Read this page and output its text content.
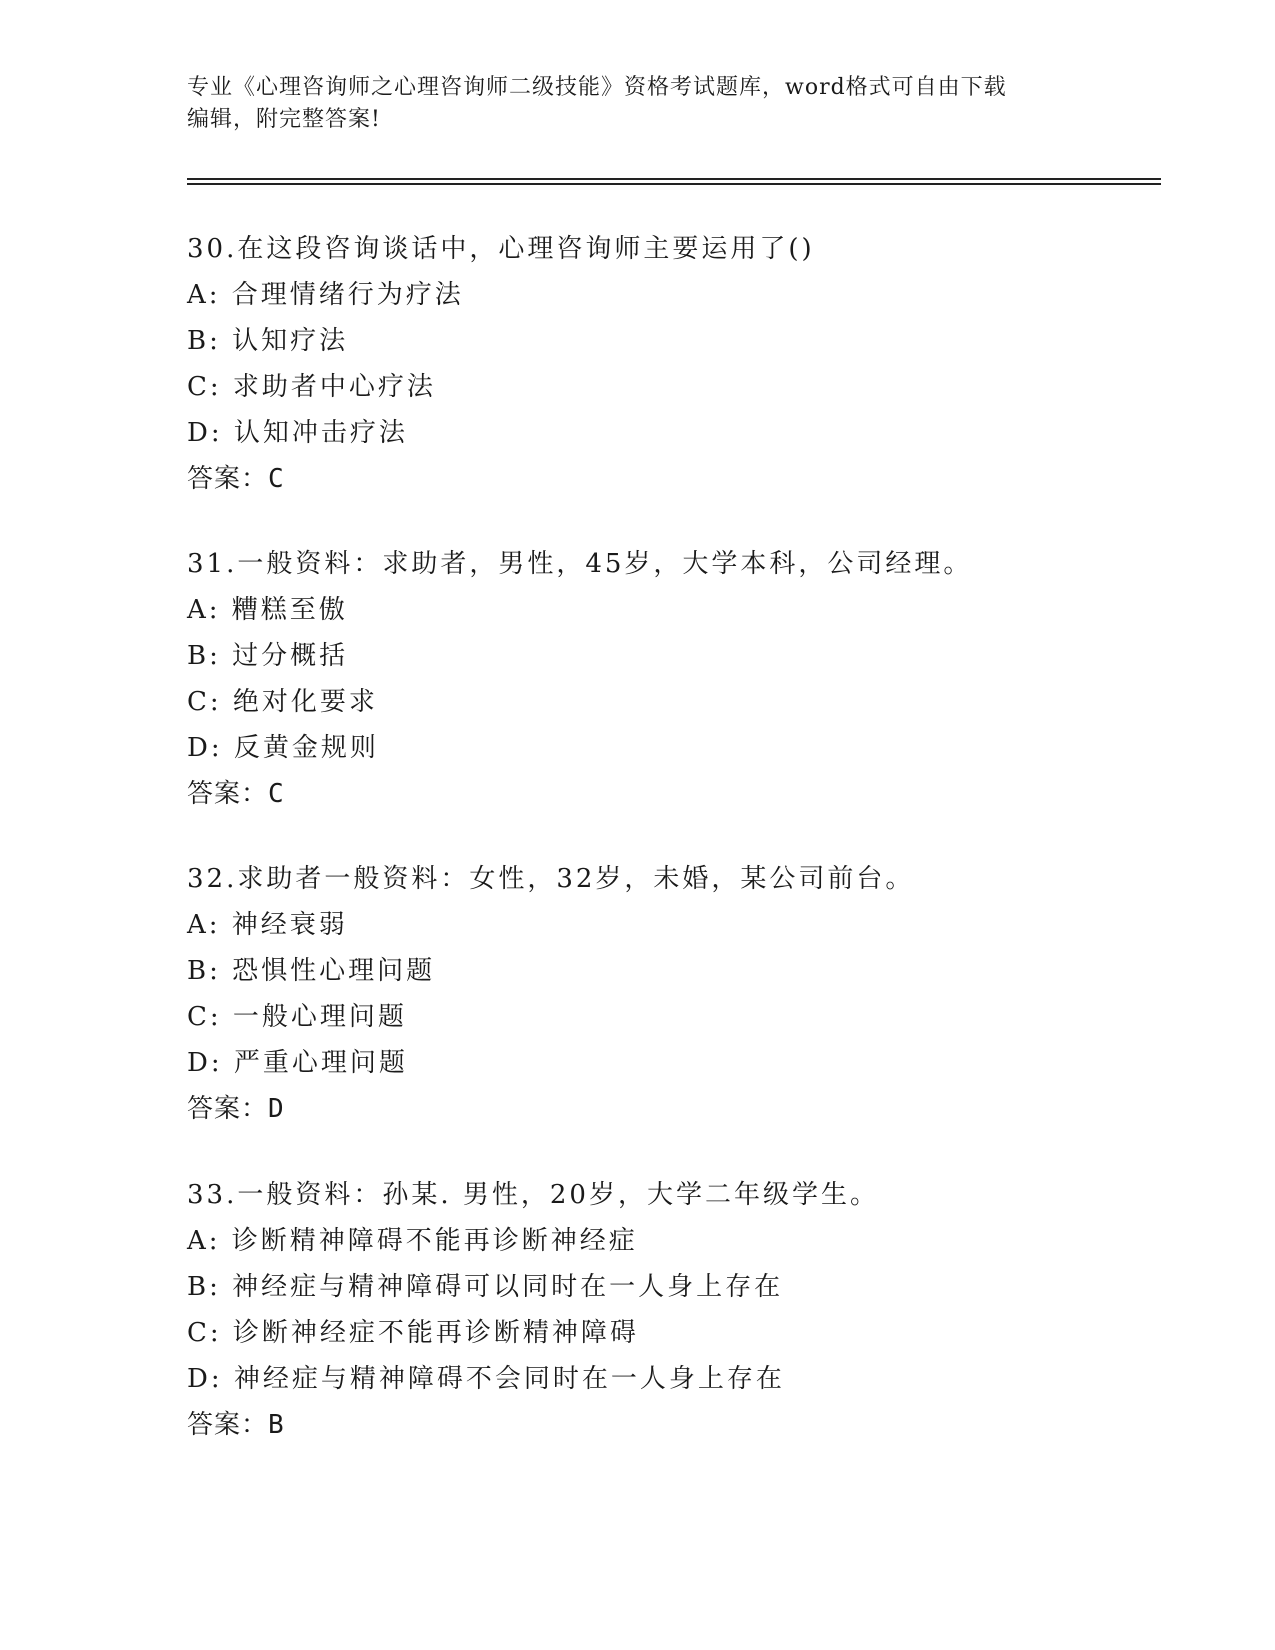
专业《心理咨询师之心理咨询师二级技能》资格考试题库，word格式可自由下载
编辑，附完整答案!
30.在这段咨询谈话中，心理咨询师主要运用了()
A: 合理情绪行为疗法
B: 认知疗法
C: 求助者中心疗法
D: 认知冲击疗法
答案：C
31.一般资料：求助者，男性，45岁，大学本科，公司经理。
A: 糟糕至傲
B: 过分概括
C: 绝对化要求
D: 反黄金规则
答案：C
32.求助者一般资料：女性，32岁，未婚，某公司前台。
A: 神经衰弱
B: 恐惧性心理问题
C: 一般心理问题
D: 严重心理问题
答案：D
33.一般资料：孙某. 男性，20岁，大学二年级学生。
A: 诊断精神障碍不能再诊断神经症
B: 神经症与精神障碍可以同时在一人身上存在
C: 诊断神经症不能再诊断精神障碍
D: 神经症与精神障碍不会同时在一人身上存在
答案：B
